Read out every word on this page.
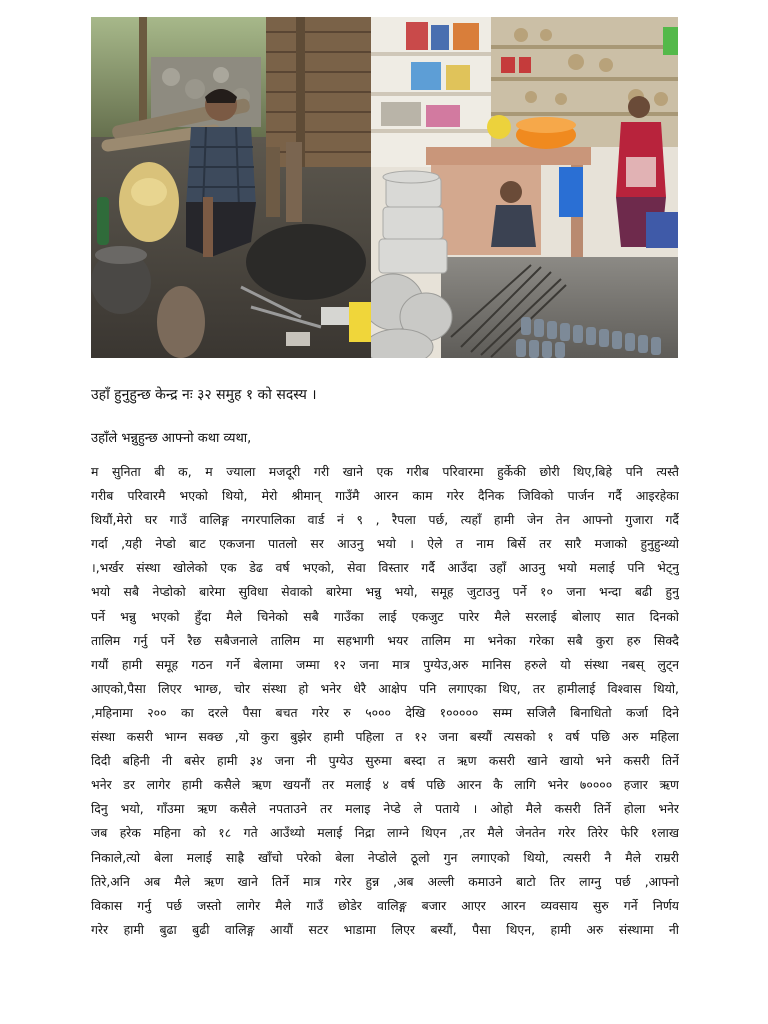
उहाँ हुनुहुन्छ केन्द्र नः ३२ समुह १ को सदस्य ।
उहाँले भन्नुहुन्छ आफ्नो कथा व्यथा,
म सुनिता बी क, म ज्याला मजदूरी गरी खाने एक गरीब परिवारमा हुर्केकी छोरी थिए,बिहे पनि त्यस्तै
गरीब परिवारमै भएको थियो, मेरो श्रीमान् गाउँमै आरन काम गरेर दैनिक जिविको पार्जन गर्दै आइरहेका
थियौं,मेरो घर गाउँ वालिङ्ग नगरपालिका वार्ड नं ९ , रैपला पर्छ, त्यहाँ हामी जेन तेन आफ्नो गुजारा गर्दै
गर्दा ,यही नेप्डो बाट एकजना पातलो सर आउनु भयो । ऐले त नाम बिर्से तर सारै मजाको हुनुहुन्थ्यो
।,भर्खर संस्था खोलेको एक डेढ वर्ष भएको, सेवा विस्तार गर्दै आउँदा उहाँ आउनु भयो मलाई पनि भेट्नु
भयो सबै नेप्डोको बारेमा सुविधा सेवाको बारेमा भन्नु भयो, समूह जुटाउनु पर्ने १० जना भन्दा बढी हुनु
पर्ने भन्नु भएको हुँदा मैले चिनेको सबै गाउँका लाई एकजुट पारेर मैले सरलाई बोलाए सात दिनको
तालिम गर्नु पर्ने रैछ सबैजनाले तालिम मा सहभागी भयर तालिम मा भनेका गरेका सबै कुरा हरु सिक्दै
गयौं हामी समूह गठन गर्ने बेलामा जम्मा १२ जना मात्र पुग्येउ,अरु मानिस हरुले यो संस्था नबस् लुट्न
आएको,पैसा लिएर भाग्छ, चोर संस्था हो भनेर धेरै आक्षेप पनि लगाएका थिए, तर हामीलाई विश्वास थियो,
,महिनामा २०० का दरले पैसा बचत गरेर रु ५००० देखि १००००० सम्म सजिलै बिनाधितो कर्जा दिने
संस्था कसरी भाग्न सक्छ ,यो कुरा बुझेर हामी पहिला त १२ जना बस्यौं त्यसको १ वर्ष पछि अरु महिला
दिदी बहिनी नी बसेर हामी ३४ जना नी पुग्येउ सुरुमा बस्दा त ऋण कसरी खाने खायो भने कसरी तिर्ने
भनेर डर लागेर हामी कसैले ऋण खयनौं तर मलाई ४ वर्ष पछि आरन कै लागि भनेर ७०००० हजार ऋण
दिनु भयो, गाँउमा ऋण कसैले नपताउने तर मलाइ नेप्डे ले पताये । ओहो मैले कसरी तिर्ने होला भनेर
जब हरेक महिना को १८ गते आउँथ्यो मलाई निद्रा लाग्ने थिएन ,तर मैले जेनतेन गरेर तिरेर फेरि १लाख
निकाले,त्यो बेला मलाई साह्रै खाँचो परेको बेला नेप्डोले ठूलो गुन लगाएको थियो, त्यसरी नै मैले राम्ररी
तिरे,अनि अब मैले ऋण खाने तिर्ने मात्र गरेर हुन्न ,अब अल्ली कमाउने बाटो तिर लाग्नु पर्छ ,आफ्नो
विकास गर्नु पर्छ जस्तो लागेर मैले गाउँ छोडेर वालिङ्ग बजार आएर आरन व्यवसाय सुरु गर्ने निर्णय
गरेर हामी बुढा बुढी वालिङ्ग आयौं सटर भाडामा लिएर बस्यौं, पैसा थिएन, हामी अरु संस्थामा नी
